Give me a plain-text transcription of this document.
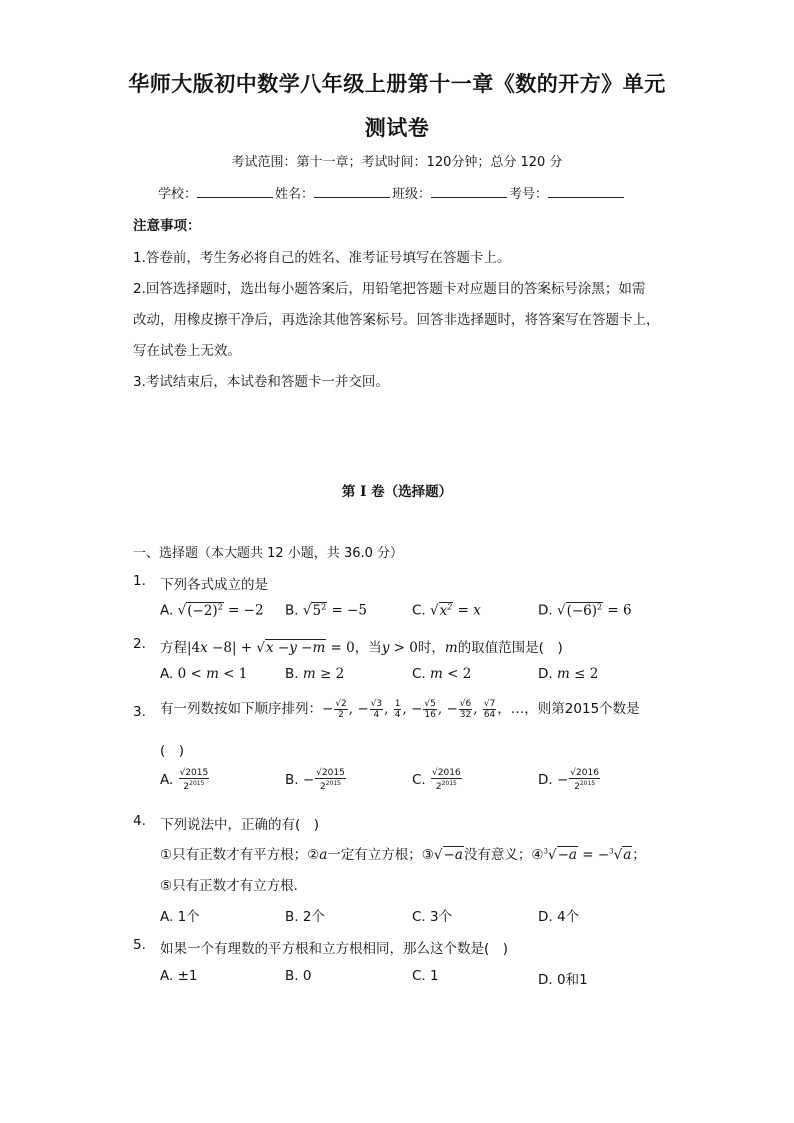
华师大版初中数学八年级上册第十一章《数的开方》单元
测试卷
考试范围：第十一章；考试时间：120分钟；总分 120 分
学校：	姓名：	班级：	考号：
注意事项：
1.答卷前，考生务必将自己的姓名、准考证号填写在答题卡上。
2.回答选择题时，选出每小题答案后，用铅笔把答题卡对应题目的答案标号涂黑；如需
改动，用橡皮擦干净后，再选涂其他答案标号。回答非选择题时，将答案写在答题卡上，
写在试卷上无效。
3.考试结束后，本试卷和答题卡一并交回。
第 I 卷（选择题）
一、选择题（本大题共 12 小题，共 36.0 分）
1. 下列各式成立的是
A. $√(-2)^2 = -2$ B. $√5^2 = -5$	C. $√x^2 = x$	D. $√(-6)^2 = 6$
2. 方程|4x −8| + √x −y −m = 0，当y > 0时，m的取值范围是(　)
A. 0 < m < 1	B. m ≥ 2	C. m < 2	D. m ≤ 2
3. 有一列数按如下顺序排列：− $\frac{√2}{2}$ , − $\frac{√3}{4}$ , $\frac{1}{4}$ , − $\frac{√5}{16}$ , − $\frac{√6}{32}$ , $\frac{√7}{64}$ ，…，则第2015个数是
(　)
A. $\frac{√2015}{2^{2015}}$	B. − $\frac{√2015}{2^{2015}}$	C. $\frac{√2016}{2^{2015}}$	D. − $\frac{√2016}{2^{2015}}$
4. 下列说法中，正确的有(　)
①只有正数才有平方根；②a一定有立方根；③√−a没有意义；④$^3$√−a = −$^3$√a；
⑤只有正数才有立方根．
A. 1个	B. 2个	C. 3个	D. 4个
5. 如果一个有理数的平方根和立方根相同，那么这个数是(　)
A. ±1	B. 0	C. 1	D. 0和1
